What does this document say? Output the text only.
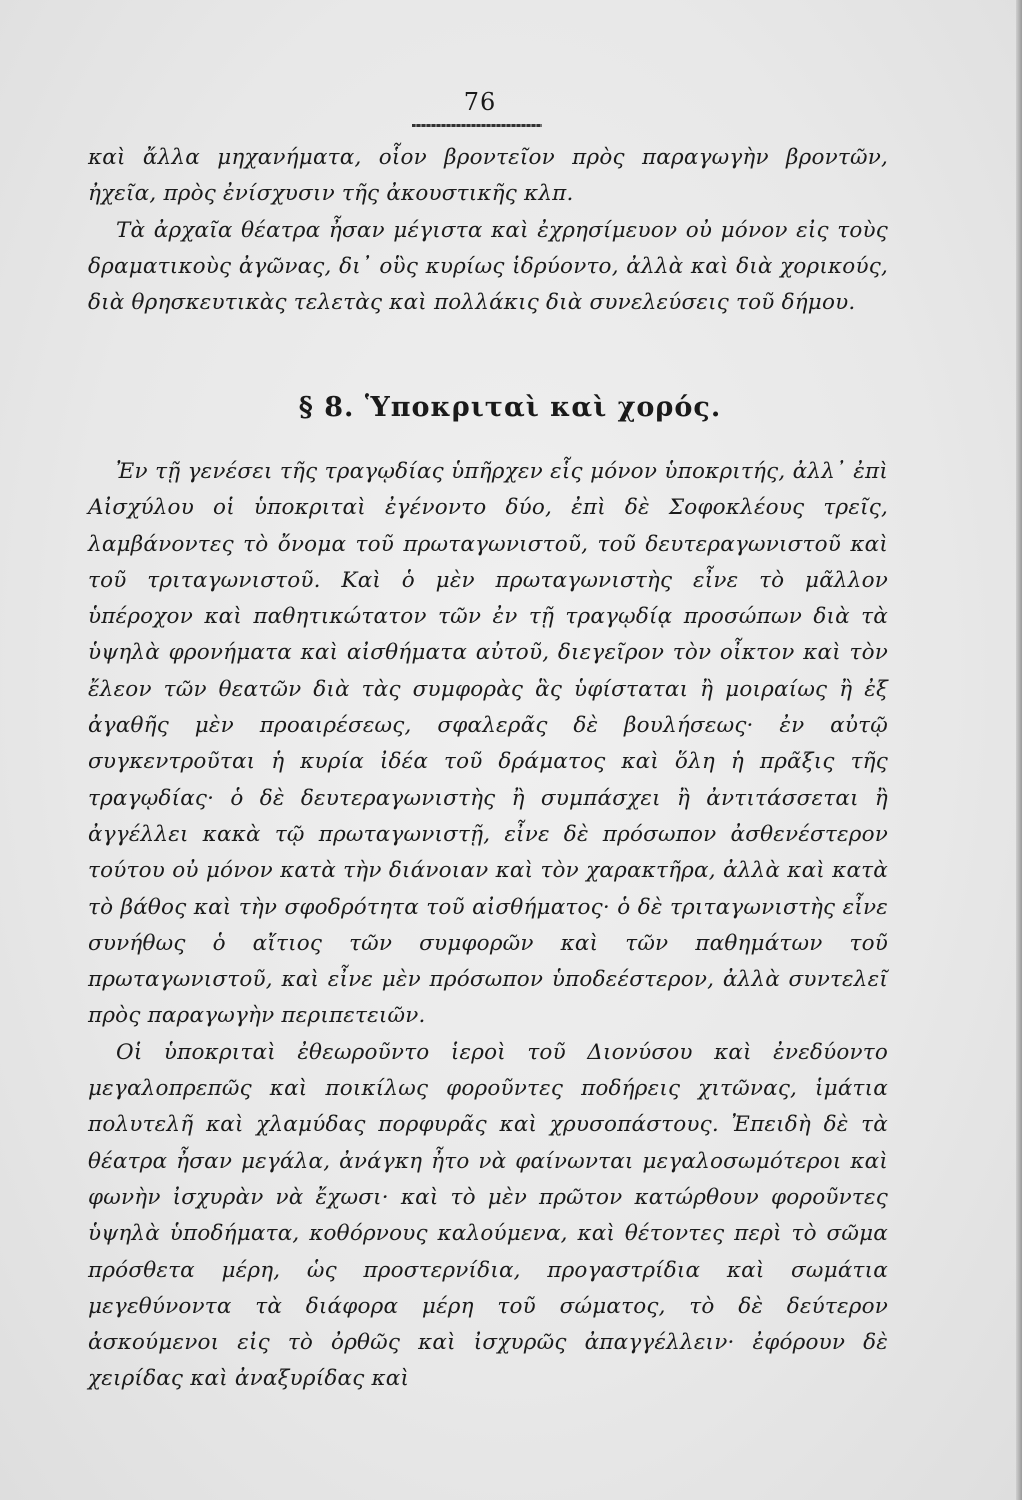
76

καὶ ἄλλα μηχανήματα, οἷον βροντεῖον πρὸς παραγωγὴν βροντῶν, ἠχεῖα, πρὸς ἐνίσχυσιν τῆς ἀκουστικῆς κλπ.

Τὰ ἀρχαῖα θέατρα ἦσαν μέγιστα καὶ ἐχρησίμευον οὐ μόνον εἰς τοὺς δραματικοὺς ἀγῶνας, δι᾽ οὓς κυρίως ἱδρύοντο, ἀλλὰ καὶ διὰ χορικούς, διὰ θρησκευτικὰς τελετὰς καὶ πολλάκις διὰ συνελεύσεις τοῦ δήμου.

§ 8. Ὑποκριταὶ καὶ χορός.

Ἐν τῇ γενέσει τῆς τραγῳδίας ὑπῆρχεν εἷς μόνον ὑποκριτής, ἀλλ᾽ ἐπὶ Αἰσχύλου οἱ ὑποκριταὶ ἐγένοντο δύο, ἐπὶ δὲ Σοφοκλέους τρεῖς, λαμβάνοντες τὸ ὄνομα τοῦ πρωταγωνιστοῦ, τοῦ δευτεραγωνιστοῦ καὶ τοῦ τριταγωνιστοῦ. Καὶ ὁ μὲν πρωταγωνιστὴς εἶνε τὸ μᾶλλον ὑπέροχον καὶ παθητικώτατον τῶν ἐν τῇ τραγῳδίᾳ προσώπων διὰ τὰ ὑψηλὰ φρονήματα καὶ αἰσθήματα αὐτοῦ, διεγεῖρον τὸν οἶκτον καὶ τὸν ἔλεον τῶν θεατῶν διὰ τὰς συμφορὰς ἃς ὑφίσταται ἢ μοιραίως ἢ ἐξ ἀγαθῆς μὲν προαιρέσεως, σφαλερᾶς δὲ βουλήσεως· ἐν αὐτῷ συγκεντροῦται ἡ κυρία ἰδέα τοῦ δράματος καὶ ὅλη ἡ πρᾶξις τῆς τραγῳδίας· ὁ δὲ δευτεραγωνιστὴς ἢ συμπάσχει ἢ ἀντιτάσσεται ἢ ἀγγέλλει κακὰ τῷ πρωταγωνιστῇ, εἶνε δὲ πρόσωπον ἀσθενέστερον τούτου οὐ μόνον κατὰ τὴν διάνοιαν καὶ τὸν χαρακτῆρα, ἀλλὰ καὶ κατὰ τὸ βάθος καὶ τὴν σφοδρότητα τοῦ αἰσθήματος· ὁ δὲ τριταγωνιστὴς εἶνε συνήθως ὁ αἴτιος τῶν συμφορῶν καὶ τῶν παθημάτων τοῦ πρωταγωνιστοῦ, καὶ εἶνε μὲν πρόσωπον ὑποδεέστερον, ἀλλὰ συντελεῖ πρὸς παραγωγὴν περιπετειῶν.

Οἱ ὑποκριταὶ ἐθεωροῦντο ἱεροὶ τοῦ Διονύσου καὶ ἐνεδύοντο μεγαλοπρεπῶς καὶ ποικίλως φοροῦντες ποδήρεις χιτῶνας, ἱμάτια πολυτελῆ καὶ χλαμύδας πορφυρᾶς καὶ χρυσοπάστους. Ἐπειδὴ δὲ τὰ θέατρα ἦσαν μεγάλα, ἀνάγκη ἦτο νὰ φαίνωνται μεγαλοσωμότεροι καὶ φωνὴν ἰσχυρὰν νὰ ἔχωσι· καὶ τὸ μὲν πρῶτον κατώρθουν φοροῦντες ὑψηλὰ ὑποδήματα, κοθόρνους καλούμενα, καὶ θέτοντες περὶ τὸ σῶμα πρόσθετα μέρη, ὡς προστερνίδια, προγαστρίδια καὶ σωμάτια μεγεθύνοντα τὰ διάφορα μέρη τοῦ σώματος, τὸ δὲ δεύτερον ἀσκούμενοι εἰς τὸ ὀρθῶς καὶ ἰσχυρῶς ἀπαγγέλλειν· ἐφόρουν δὲ χειρίδας καὶ ἀναξυρίδας καὶ
